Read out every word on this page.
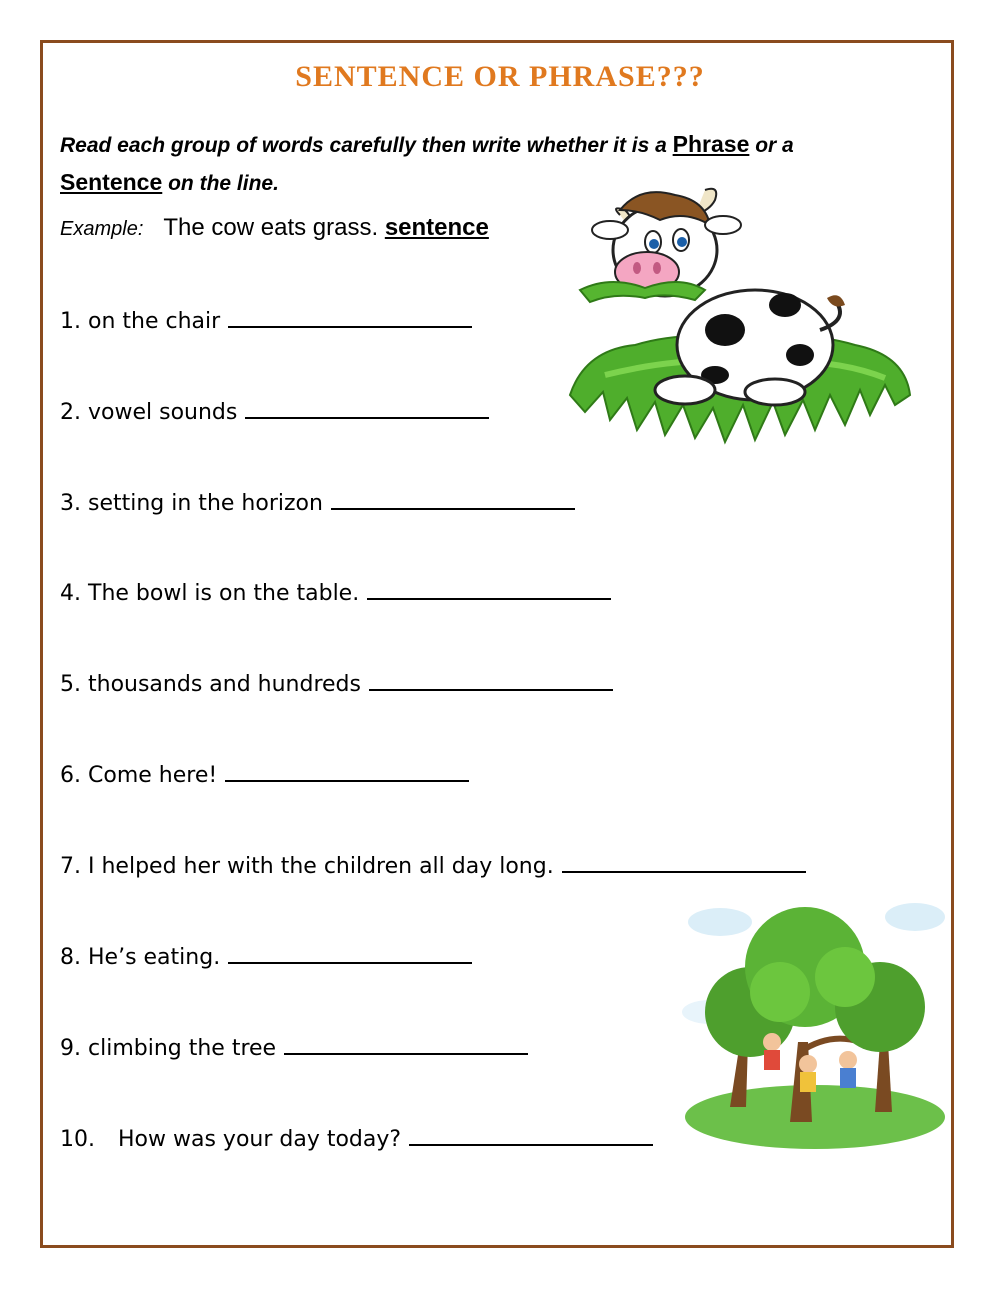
SENTENCE OR PHRASE???

Read each group of words carefully then write whether it is a Phrase or a
Sentence on the line.

Example: The cow eats grass. sentence
1. on the chair
2. vowel sounds
3. setting in the horizon
4. The bowl is on the table.
5. thousands and hundreds
6. Come here!
7. I helped her with the children all day long.
8. He’s eating.
9. climbing the tree
10. How was your day today?
